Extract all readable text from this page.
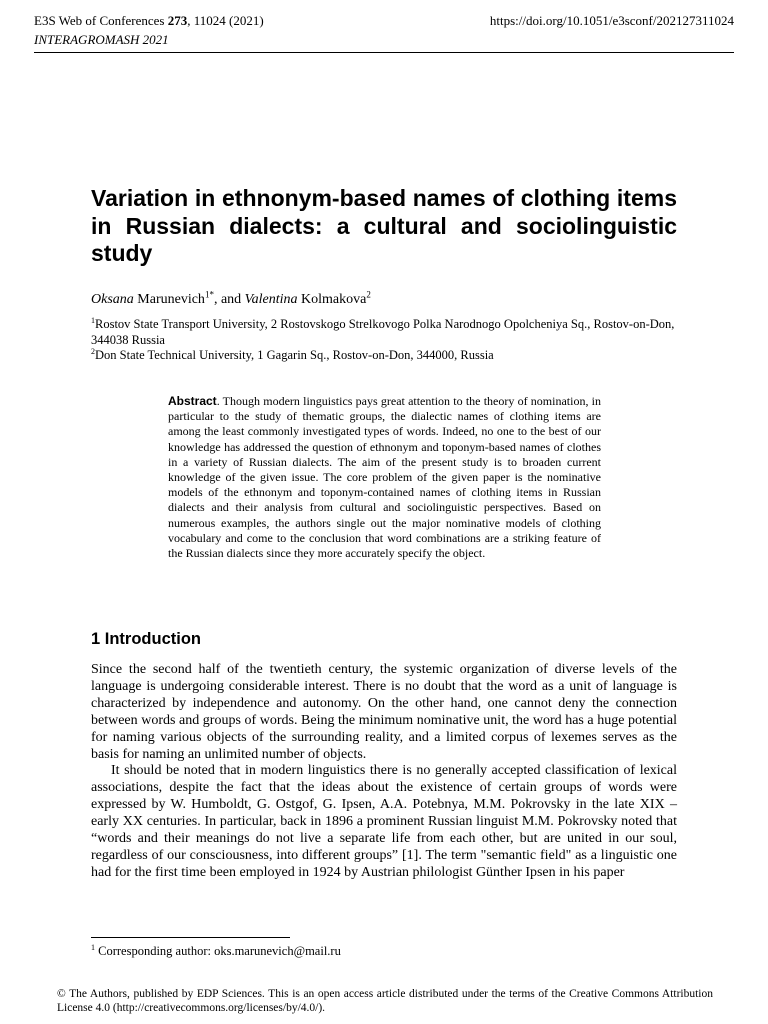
E3S Web of Conferences 273, 11024 (2021)
INTERAGROMASH 2021
https://doi.org/10.1051/e3sconf/202127311024
Variation in ethnonym-based names of clothing items in Russian dialects: a cultural and sociolinguistic study
Oksana Marunevich$^{1*}$, and Valentina Kolmakova$^2$

$^1$Rostov State Transport University, 2 Rostovskogo Strelkovogo Polka Narodnogo Opolcheniya Sq., Rostov-on-Don, 344038 Russia

$^2$Don State Technical University, 1 Gagarin Sq., Rostov-on-Don, 344000, Russia

Abstract. Though modern linguistics pays great attention to the theory of nomination, in particular to the study of thematic groups, the dialectic names of clothing items are among the least commonly investigated types of words. Indeed, no one to the best of our knowledge has addressed the question of ethnonym and toponym-based names of clothes in a variety of Russian dialects. The aim of the present study is to broaden current knowledge of the given issue. The core problem of the given paper is the nominative models of the ethnonym and toponym-contained names of clothing items in Russian dialects and their analysis from cultural and sociolinguistic perspectives. Based on numerous examples, the authors single out the major nominative models of clothing vocabulary and come to the conclusion that word combinations are a striking feature of the Russian dialects since they more accurately specify the object.

1 Introduction

Since the second half of the twentieth century, the systemic organization of diverse levels of the language is undergoing considerable interest. There is no doubt that the word as a unit of language is characterized by independence and autonomy. On the other hand, one cannot deny the connection between words and groups of words. Being the minimum nominative unit, the word has a huge potential for naming various objects of the surrounding reality, and a limited corpus of lexemes serves as the basis for naming an unlimited number of objects.

It should be noted that in modern linguistics there is no generally accepted classification of lexical associations, despite the fact that the ideas about the existence of certain groups of words were expressed by W. Humboldt, G. Ostgof, G. Ipsen, A.A. Potebnya, M.M. Pokrovsky in the late XIX – early XX centuries. In particular, back in 1896 a prominent Russian linguist M.M. Pokrovsky noted that “words and their meanings do not live a separate life from each other, but are united in our soul, regardless of our consciousness, into different groups” [1]. The term "semantic field" as a linguistic one had for the first time been employed in 1924 by Austrian philologist Günther Ipsen in his paper

$^1$ Corresponding author: oks.marunevich@mail.ru

© The Authors, published by EDP Sciences. This is an open access article distributed under the terms of the Creative Commons Attribution License 4.0 (http://creativecommons.org/licenses/by/4.0/).
